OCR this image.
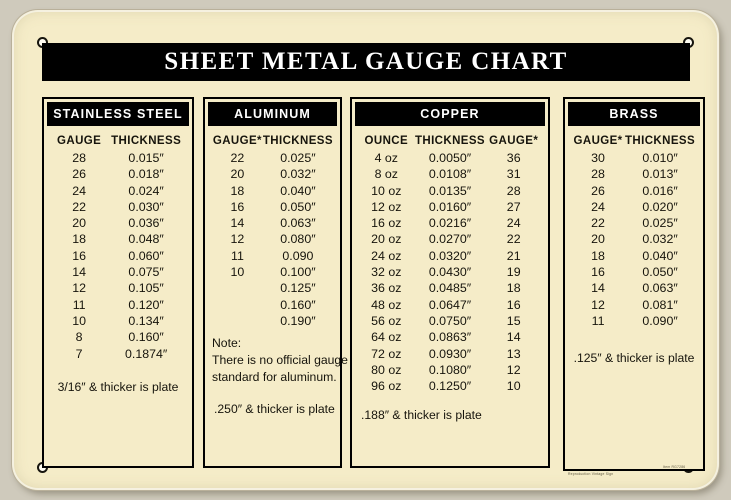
SHEET METAL GAUGE CHART
STAINLESS STEEL
GAUGE	THICKNESS
28	0.015″
26	0.018″
24	0.024″
22	0.030″
20	0.036″
18	0.048″
16	0.060″
14	0.075″
12	0.105″
11	0.120″
10	0.134″
8	0.160″
7	0.1874″
3/16″ & thicker is plate
ALUMINUM
GAUGE*	THICKNESS
22	0.025″
20	0.032″
18	0.040″
16	0.050″
14	0.063″
12	0.080″
11	0.090
10	0.100″
	0.125″
	0.160″
	0.190″
Note:
There is no official gauge
standard for aluminum.
.250″ & thicker is plate
COPPER
OUNCE	THICKNESS	GAUGE*
4 oz	0.0050″	36
8 oz	0.0108″	31
10 oz	0.0135″	28
12 oz	0.0160″	27
16 oz	0.0216″	24
20 oz	0.0270″	22
24 oz	0.0320″	21
32 oz	0.0430″	19
36 oz	0.0485″	18
48 oz	0.0647″	16
56 oz	0.0750″	15
64 oz	0.0863″	14
72 oz	0.0930″	13
80 oz	0.1080″	12
96 oz	0.1250″	10
.188″ & thicker is plate
BRASS
GAUGE*	THICKNESS
30	0.010″
28	0.013″
26	0.016″
24	0.020″
22	0.025″
20	0.032″
18	0.040″
16	0.050″
14	0.063″
12	0.081″
11	0.090″
.125″ & thicker is plate
Reproduction Vintage Sign
Item RG7286
